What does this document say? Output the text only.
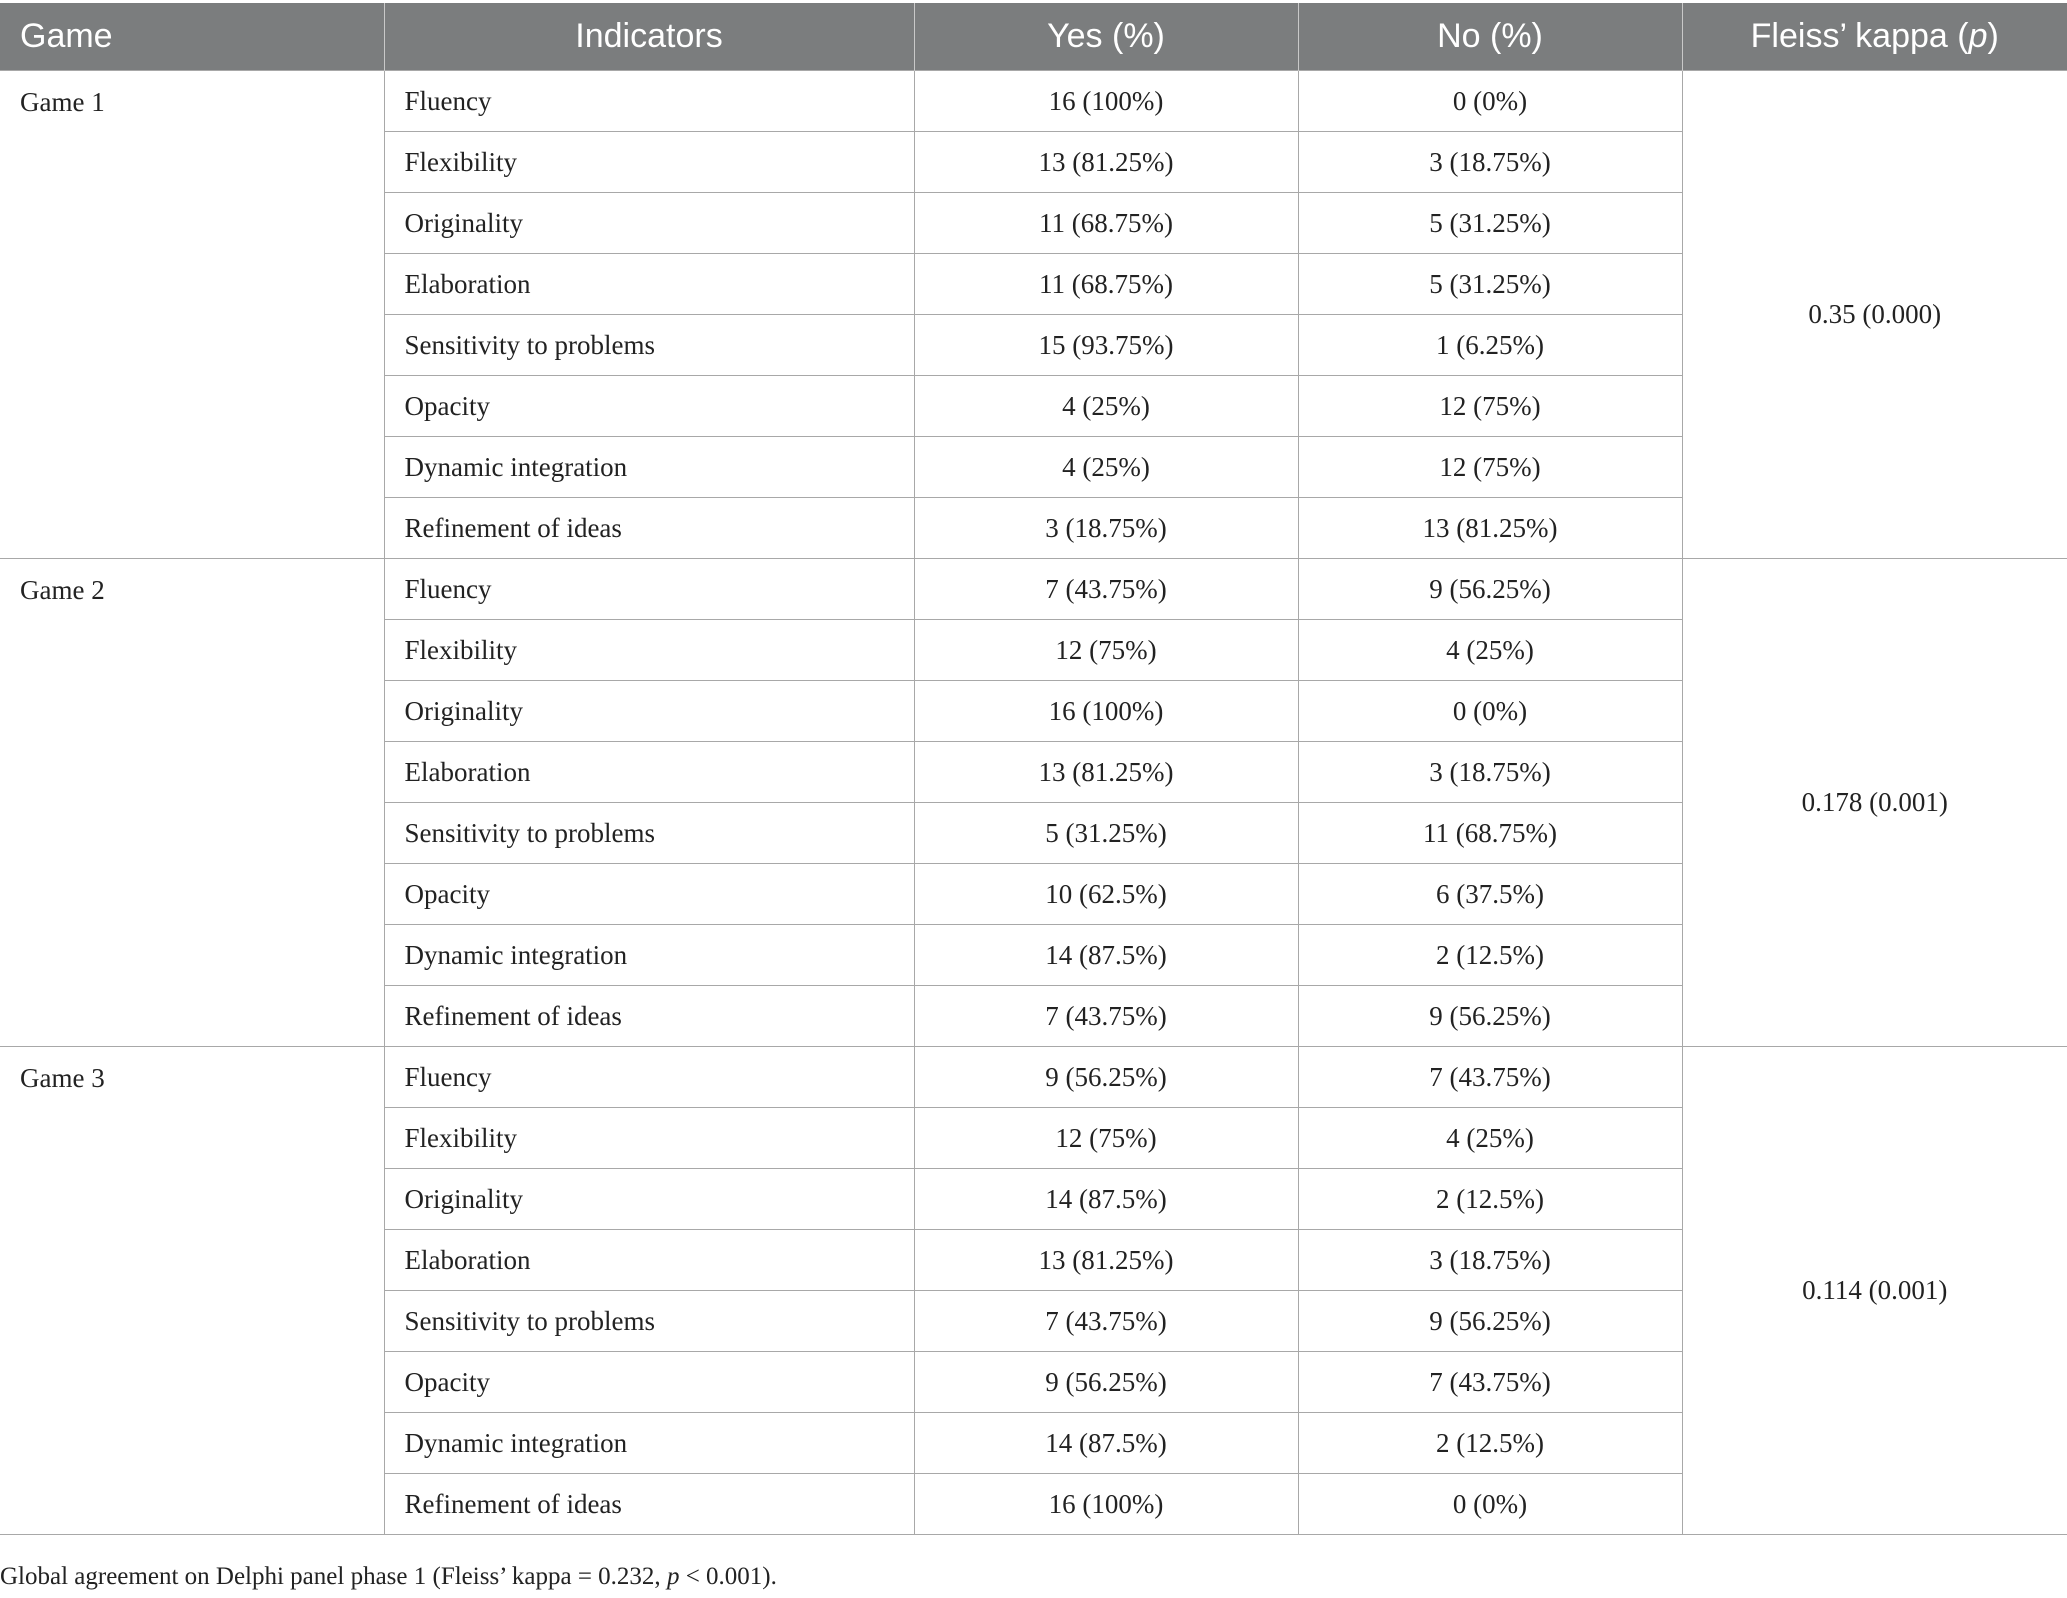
Game	Indicators	Yes (%)	No (%)	Fleiss’ kappa (p)
Game 1	Fluency	16 (100%)	0 (0%)	0.35 (0.000)
	Flexibility	13 (81.25%)	3 (18.75%)	
	Originality	11 (68.75%)	5 (31.25%)	
	Elaboration	11 (68.75%)	5 (31.25%)	
	Sensitivity to problems	15 (93.75%)	1 (6.25%)	
	Opacity	4 (25%)	12 (75%)	
	Dynamic integration	4 (25%)	12 (75%)	
	Refinement of ideas	3 (18.75%)	13 (81.25%)	
Game 2	Fluency	7 (43.75%)	9 (56.25%)	0.178 (0.001)
	Flexibility	12 (75%)	4 (25%)	
	Originality	16 (100%)	0 (0%)	
	Elaboration	13 (81.25%)	3 (18.75%)	
	Sensitivity to problems	5 (31.25%)	11 (68.75%)	
	Opacity	10 (62.5%)	6 (37.5%)	
	Dynamic integration	14 (87.5%)	2 (12.5%)	
	Refinement of ideas	7 (43.75%)	9 (56.25%)	
Game 3	Fluency	9 (56.25%)	7 (43.75%)	0.114 (0.001)
	Flexibility	12 (75%)	4 (25%)	
	Originality	14 (87.5%)	2 (12.5%)	
	Elaboration	13 (81.25%)	3 (18.75%)	
	Sensitivity to problems	7 (43.75%)	9 (56.25%)	
	Opacity	9 (56.25%)	7 (43.75%)	
	Dynamic integration	14 (87.5%)	2 (12.5%)	
	Refinement of ideas	16 (100%)	0 (0%)	
Global agreement on Delphi panel phase 1 (Fleiss’ kappa = 0.232, p < 0.001).
